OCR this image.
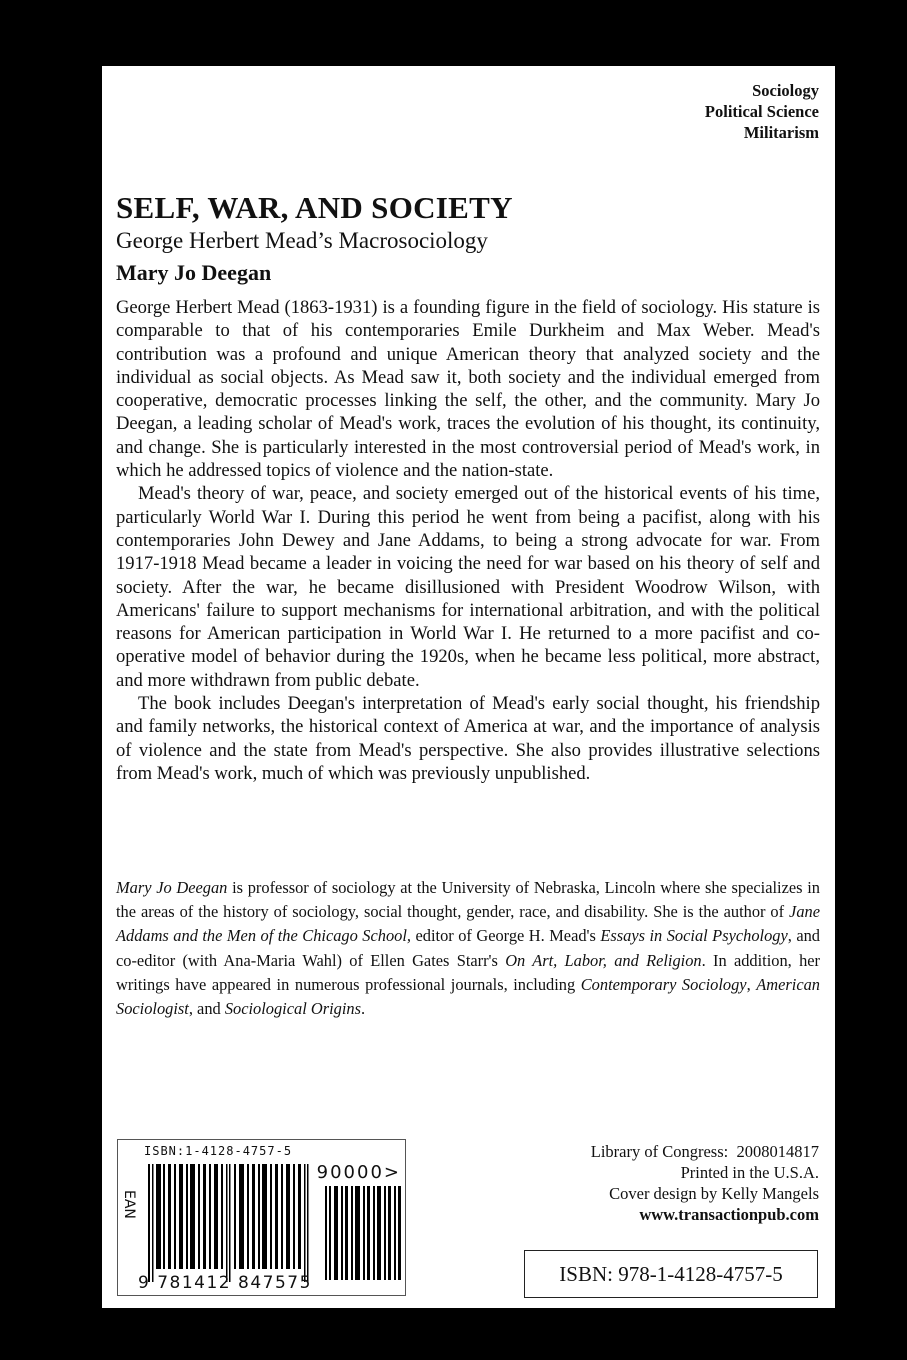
Sociology
Political Science
Militarism
SELF, WAR, AND SOCIETY
George Herbert Mead’s Macrosociology
Mary Jo Deegan

George Herbert Mead (1863-1931) is a founding figure in the field of sociology. His stature is comparable to that of his contemporaries Emile Durkheim and Max Weber. Mead's contribution was a profound and unique American theory that analyzed society and the individual as social objects. As Mead saw it, both society and the individual emerged from cooperative, democratic processes linking the self, the other, and the community. Mary Jo Deegan, a leading scholar of Mead's work, traces the evolution of his thought, its continuity, and change. She is particularly interested in the most controversial period of Mead's work, in which he addressed topics of violence and the nation-state.

Mead's theory of war, peace, and society emerged out of the historical events of his time, particularly World War I. During this period he went from being a pacifist, along with his contemporaries John Dewey and Jane Addams, to being a strong advocate for war. From 1917-1918 Mead became a leader in voicing the need for war based on his theory of self and society. After the war, he became disillusioned with President Woodrow Wilson, with Americans' failure to support mechanisms for international arbitration, and with the political reasons for American participation in World War I. He returned to a more pacifist and co-operative model of behavior during the 1920s, when he became less political, more abstract, and more withdrawn from public debate.

The book includes Deegan's interpretation of Mead's early social thought, his friendship and family networks, the historical context of America at war, and the importance of analysis of violence and the state from Mead's perspective. She also provides illustrative selections from Mead's work, much of which was previously unpublished.

Mary Jo Deegan is professor of sociology at the University of Nebraska, Lincoln where she specializes in the areas of the history of sociology, social thought, gender, race, and disability. She is the author of Jane Addams and the Men of the Chicago School, editor of George H. Mead's Essays in Social Psychology, and co-editor (with Ana-Maria Wahl) of Ellen Gates Starr's On Art, Labor, and Religion. In addition, her writings have appeared in numerous professional journals, including Contemporary Sociology, American Sociologist, and Sociological Origins.
ISBN:1-4128-4757-5
EAN
90000>
9 781412 847575
Library of Congress:  2008014817
Printed in the U.S.A.
Cover design by Kelly Mangels
www.transactionpub.com
ISBN: 978-1-4128-4757-5
